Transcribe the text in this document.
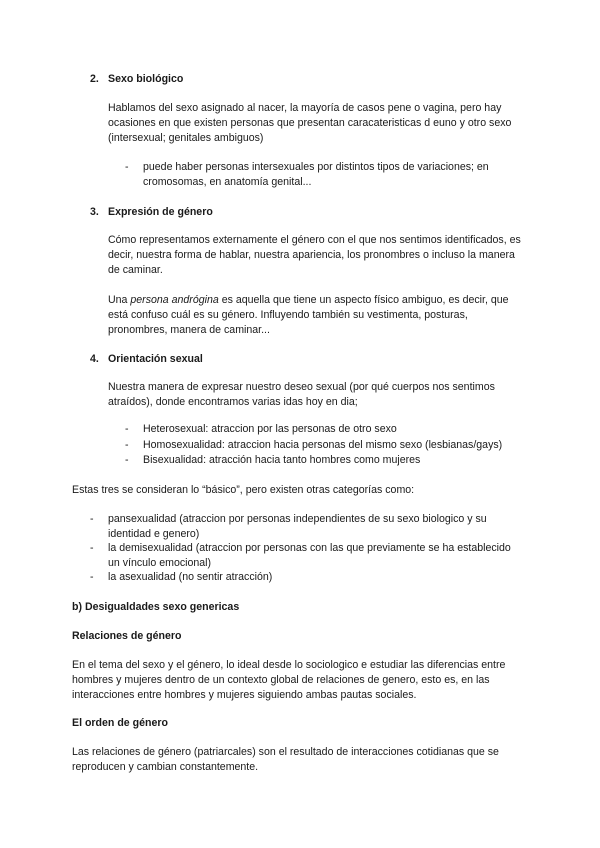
2. Sexo biológico

Hablamos del sexo asignado al nacer, la mayoría de casos pene o vagina, pero hay ocasiones en que existen personas que presentan caracateristicas d euno y otro sexo (intersexual; genitales ambiguos)

- puede haber personas intersexuales por distintos tipos de variaciones; en cromosomas, en anatomía genital...
3. Expresión de género

Cómo representamos externamente el género con el que nos sentimos identificados, es decir, nuestra forma de hablar, nuestra apariencia, los pronombres o incluso la manera de caminar.

Una persona andrógina es aquella que tiene un aspecto físico ambiguo, es decir, que está confuso cuál es su género. Influyendo también su vestimenta, posturas, pronombres, manera de caminar...

4. Orientación sexual

Nuestra manera de expresar nuestro deseo sexual (por qué cuerpos nos sentimos atraídos), donde encontramos varias idas hoy en dia;

- Heterosexual: atraccion por las personas de otro sexo
- Homosexualidad: atraccion hacia personas del mismo sexo (lesbianas/gays)
- Bisexualidad: atracción hacia tanto hombres como mujeres

Estas tres se consideran lo “básico”, pero existen otras categorías como:

- pansexualidad (atraccion por personas independientes de su sexo biologico y su identidad e genero)
- la demisexualidad (atraccion por personas con las que previamente se ha establecido un vínculo emocional)
- la asexualidad (no sentir atracción)
b) Desigualdades sexo genericas
Relaciones de género

En el tema del sexo y el género, lo ideal desde lo sociologico e estudiar las diferencias entre hombres y mujeres dentro de un contexto global de relaciones de genero, esto es, en las interacciones entre hombres y mujeres siguiendo ambas pautas sociales.

El orden de género

Las relaciones de género (patriarcales) son el resultado de interacciones cotidianas que se reproducen y cambian constantemente.
